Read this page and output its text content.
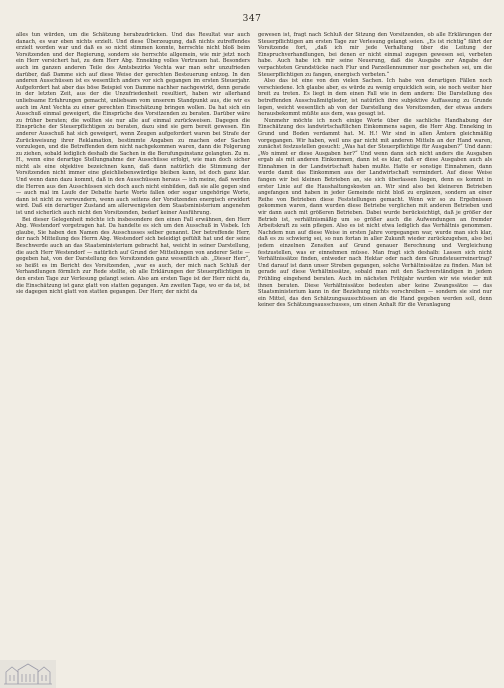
347

alles tun würden, um die Schätzung herabzudrücken. Und das Resultat war auch danach, es war eben nichts erzielt. Und diese Überzeugung, daß nichts zutreffendes erzielt worden war und daß es so nicht stimmen konnte, herrschte nicht bloß beim Vorsitzenden und der Regierung, sondern sie herrschte allgemein, wie mir jetzt noch ein Herr versichert hat, zu dem Herr Abg. Enneking volles Vertrauen hat. Besonders auch im ganzen anderen Teile des Amtsbezirks Vechta war man sehr unzufrieden darüber, daß Damme sich auf diese Weise der gerechten Besteuerung entzog. In den anderen Ausschüssen ist es wesentlich anders vor sich gegangen im ersten Steuerjahr. Aufgefordert hat aber das böse Beispiel von Damme nachher nachgewirkt, denn gerade in der letzten Zeit, aus der die Unzufriedenheit resultiert, haben wir allerhand unliebsame Erfahrungen gemacht, unliebsam vom unserem Standpunkt aus, die wir es auch im Amt Vechta zu einer gerechten Einschätzung bringen wollen. Da hat sich ein Ausschuß einmal geweigert, die Einsprüche des Vorsitzenden zu beraten. Darüber wäre zu früher beraten; die wollten sie nur alle auf einmal zurückweisen. Dagegen die Einsprüche der Steuerpflichtigen zu beraten, dazu sind sie gern bereit gewesen. Ein anderer Ausschuß hat sich geweigert, wenn Zeugen aufgefordert waren bei Strafe der Zurückweisung ihrer Reklamation, bestimmte Angaben zu machen oder Sachen vorzulegen, und die Betreffenden dem nicht nachgekommen waren, dann die Folgerung zu ziehen, sobald lediglich deshalb die Sachen in die Berufungsinstanz gelangten. Zu m. H., wenn eine derartige Stellungnahme der Ausschüsse erfolgt, wie man doch sicher nicht als eine objektive bezeichnen kann, daß dann natürlich die Stimmung der Vorsitzenden nicht immer eine gleichliebenswürdige bleiben kann, ist doch ganz klar. Und wenn dann dazu kommt, daß in den Ausschüssen heraus — ich meine, daß werden die Herren aus den Ausschüssen sich doch auch nicht einbilden, daß sie alle gegen sind — auch mal im Laufe der Debatte harte Worte fallen oder sogar ungehörige Worte, dann ist nicht zu verwundern, wenn auch seitens der Vorsitzenden energisch erwidert wird. Daß ein derartiger Zustand am allerwenigsten dem Staatsministerium angenehm ist und sicherlich auch nicht den Vorsitzenden, bedarf keiner Ausführung.

Bei dieser Gelegenheit möchte ich insbesondere den einen Fall erwähnen, den Herr Abg. Westendorf vorgetragen hat. Da handelte es sich um den Ausschuß in Visbek. Ich glaube, Sie haben den Namen des Ausschusses selber genannt. Der betreffende Herr, der nach Mitteilung des Herrn Abg. Westendorf sich beleidigt gefühlt hat und der seine Beschwerde auch an das Staatsministerium gebracht hat, weicht in seiner Darstellung, die auch Herr Westendorf — natürlich auf Grund der Mitteilungen von anderer Seite — gegeben hat, von der Darstellung des Vorsitzenden ganz wesentlich ab. „Dieser Herr“, so heißt es im Bericht des Vorsitzenden, „war es auch, der mich nach Schluß der Verhandlungen förmlich zur Rede stellte, ob alle Erklärungen der Steuerpflichtigen in den ersten Tage zur Verlesung gelangt seien. Also am ersten Tage ist der Herr nicht da, die Einschätzung ist ganz glatt von statten gegangen. Am zweiten Tage, wo er da ist, ist sie dagegen nicht glatt von statten gegangen. Der Herr, der nicht da

gewesen ist, fragt nach Schluß der Sitzung den Vorsitzenden, ob alle Erklärungen der Steuerpflichtigen am ersten Tage zur Verlesung gelangt seien. „Es ist richtig“ fährt der Vorsitzende fort, „daß ich mir jede Verhaltung über die Leitung der Einspruchverhandlungen, bei denen er nicht einmal zugegen gewesen sei, verbeten habe. Auch habe ich mir seine Neuerung, daß die Ausgabe zur Angabe der verpachteten Grundstücke nach Flur und Parzellennummer nur geschehen sei, um die Steuerpflichtigen zu fangen, energisch verbeten.“

Also das ist eine von den vielen Sachen. Ich habe von derartigen Fällen noch verschiedene. Ich glaube aber, es würde zu wenig erquicklich sein, sie noch weiter hier breit zu treten. Es liegt in dem einen Fall wie in dem andern: Die Darstellung des betreffenden Ausschußmitglieder, ist natürlich ihre subjektive Auffassung zu Grunde legen, weicht wesentlich ab von der Darstellung des Vorsitzenden, der etwas anders herausbekommt müßte aus dem, was gesagt ist.

Nunmehr möchte ich noch einige Worte über die sachliche Handhabung der Einschätzung des landwirtschaftlichen Einkommens sagen, die Herr Abg. Enneking in Grund und Boden verdammt hat. M. H.! Wir sind in allen Ämtern gleichmäßig vorgegangen. Wir haben, weil uns gar nicht mit anderen Mitteln an der Hand waren, zunächst festzustellen gesucht: „Was hat der Steuerpflichtige für Ausgaben?“ Und dann: „Wo nimmt er diese Ausgaben her?“ Und wenn dann sich nicht anders die Ausgaben ergab als mit anderen Einkommen, dann ist es klar, daß er diese Ausgaben auch als Einnahmen in der Landwirtschaft haben mußte. Hatte er sonstige Einnahmen, dann wurde damit das Einkommen aus der Landwirtschaft vermindert. Auf diese Weise fangen wir bei kleinen Betrieben an, sie sich überlassen liegen, denn es kommt in erster Linie auf die Haushaltungskosten an. Wir sind also bei kleineren Betrieben angefangen und haben in jeder Gemeinde nicht bloß zu ergänzen, sondern an einer Reihe von Betrieben diese Feststellungen gemacht. Wenn wir so zu Ergebnissen gekommen waren, dann wurden diese Betriebe verglichen mit anderen Betrieben und wir dann auch mit größeren Betrieben. Dabei wurde berücksichtigt, daß je größer der Betrieb ist, verhältnismäßig um so größer auch die Aufwendungen an fremder Arbeitskraft zu sein pflegen. Also es ist nicht etwa lediglich das Verhältnis genommen. Nachdem nun auf diese Weise in ersten Jahre vorgegangen war, wurde man sich klar, daß es zu schwierig sei, so nun fortan in aller Zukunft wieder zurückzugehen, also bei jedem einzelnen Zensiten auf Grund genauer Berechnung und Vergleichung festzustellen, was er einnehmen müsse. Man fragt sich deshalb: Lassen sich nicht Verhältnissätze finden, entweder nach Hektar oder nach dem Grundsteuerreinertrag? Und darauf ist dann unser Streben gegangen, solche Verhältnissätze zu finden. Man ist gerade auf diese Verhältnissätze, sobald man mit den Sachverständigen in jedem Frühling eingehend beraten. Auch im nächsten Frühjahr wurden wir wie wieder mit ihnen beraten. Diese Verhältnissätze bedeuten aber keine Zwangssätze — das Staatsministerium kann in der Beziehung nichts vorschreiben — sondern sie sind nur ein Mittel, das den Schätzungsausschüssen an die Hand gegeben werden soll, denn keiner des Schätzungsausschusses, um einen Anhalt für die Veranlagung
